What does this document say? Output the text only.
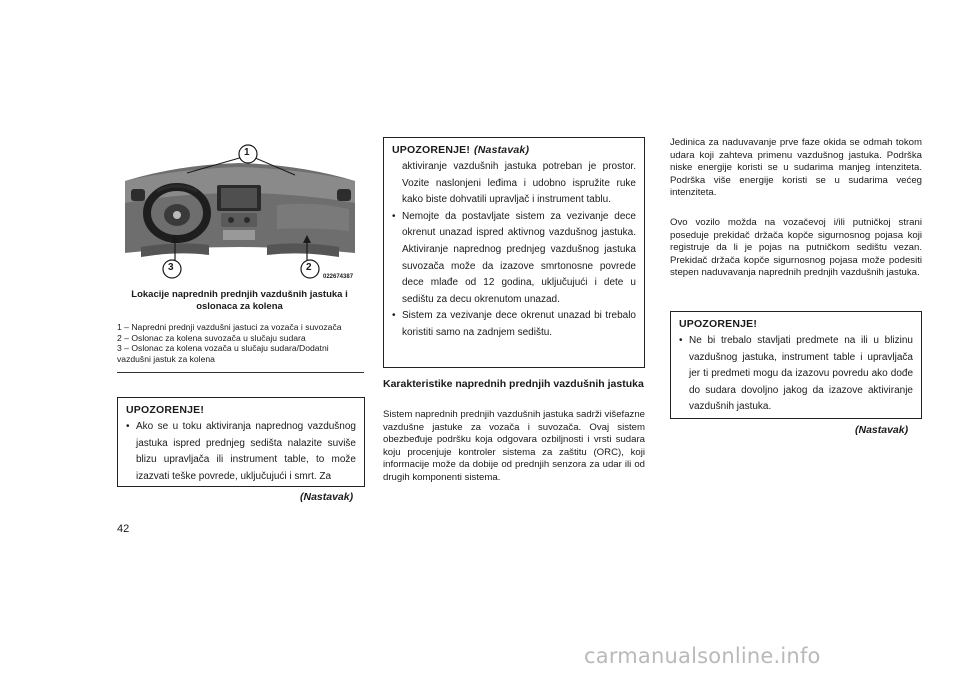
1
2
3
022674387
Lokacije naprednih prednjih vazdušnih jastuka i oslonaca za kolena
1 – Napredni prednji vazdušni jastuci za vozača i suvozača
2 – Oslonac za kolena suvozača u slučaju sudara
3 – Oslonac za kolena vozača u slučaju sudara/Dodatni
vazdušni jastuk za kolena
UPOZORENJE!
• Ako se u toku aktiviranja naprednog vazdušnog jastuka ispred prednjeg sedišta nalazite suviše blizu upravljača ili instrument table, to može izazvati teške povrede, uključujući i smrt. Za
(Nastavak)
UPOZORENJE! (Nastavak)
aktiviranje vazdušnih jastuka potreban je prostor. Vozite naslonjeni leđima i udobno ispružite ruke kako biste dohvatili upravljač i instrument tablu.
• Nemojte da postavljate sistem za vezivanje dece okrenut unazad ispred aktivnog vazdušnog jastuka. Aktiviranje naprednog prednjeg vazdušnog jastuka suvozača može da izazove smrtonosne povrede dece mlađe od 12 godina, uključujući i dete u sedištu za decu okrenutom unazad.
• Sistem za vezivanje dece okrenut unazad bi trebalo koristiti samo na zadnjem sedištu.
Karakteristike naprednih prednjih vazdušnih jastuka
Sistem naprednih prednjih vazdušnih jastuka sadrži višefazne vazdušne jastuke za vozača i suvozača. Ovaj sistem obezbeđuje podršku koja odgovara ozbiljnosti i vrsti sudara koju procenjuje kontroler sistema za zaštitu (ORC), koji informacije može da dobije od prednjih senzora za udar ili od drugih komponenti sistema.
Jedinica za naduvavanje prve faze okida se odmah tokom udara koji zahteva primenu vazdušnog jastuka. Podrška niske energije koristi se u sudarima manjeg intenziteta. Podrška više energije koristi se u sudarima većeg intenziteta.
Ovo vozilo možda na vozačevoj i/ili putničkoj strani poseduje prekidač držača kopče sigurnosnog pojasa koji registruje da li je pojas na putničkom sedištu vezan. Prekidač držača kopče sigurnosnog pojasa može podesiti stepen naduvavanja naprednih prednjih vazdušnih jastuka.
UPOZORENJE!
• Ne bi trebalo stavljati predmete na ili u blizinu vazdušnog jastuka, instrument table i upravljača jer ti predmeti mogu da izazovu povredu ako dođe do sudara dovoljno jakog da izazove aktiviranje vazdušnih jastuka.
(Nastavak)
42
carmanualsonline.info
